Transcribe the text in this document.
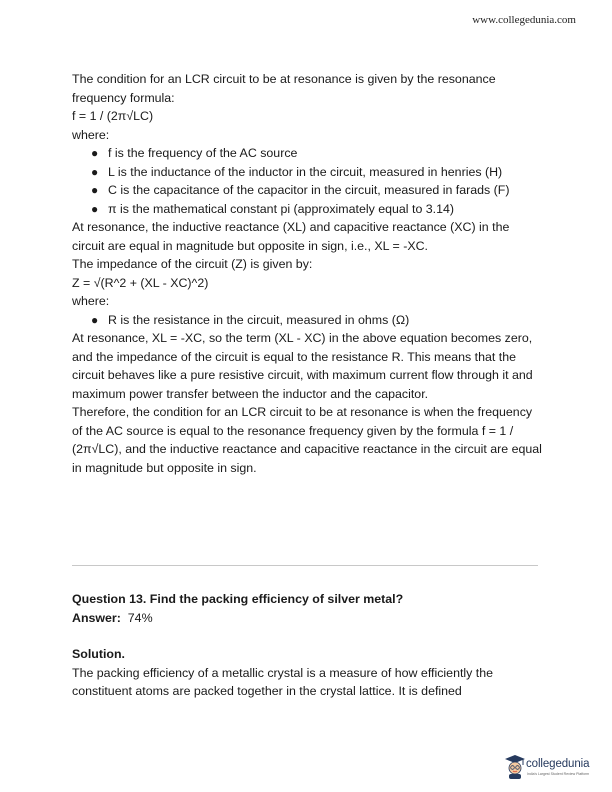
www.collegedunia.com

The condition for an LCR circuit to be at resonance is given by the resonance frequency formula:

f = 1 / (2π√LC)

where:

● f is the frequency of the AC source
● L is the inductance of the inductor in the circuit, measured in henries (H)
● C is the capacitance of the capacitor in the circuit, measured in farads (F)
● π is the mathematical constant pi (approximately equal to 3.14)

At resonance, the inductive reactance (XL) and capacitive reactance (XC) in the circuit are equal in magnitude but opposite in sign, i.e., XL = -XC.

The impedance of the circuit (Z) is given by:

Z = √(R^2 + (XL - XC)^2)

where:

● R is the resistance in the circuit, measured in ohms (Ω)

At resonance, XL = -XC, so the term (XL - XC) in the above equation becomes zero, and the impedance of the circuit is equal to the resistance R. This means that the circuit behaves like a pure resistive circuit, with maximum current flow through it and maximum power transfer between the inductor and the capacitor.

Therefore, the condition for an LCR circuit to be at resonance is when the frequency of the AC source is equal to the resonance frequency given by the formula f = 1 / (2π√LC), and the inductive reactance and capacitive reactance in the circuit are equal in magnitude but opposite in sign.

Question 13. Find the packing efficiency of silver metal?

Answer: 74%

Solution.

The packing efficiency of a metallic crystal is a measure of how efficiently the constituent atoms are packed together in the crystal lattice. It is defined

collegedunia
India's Largest Student Review Platform
